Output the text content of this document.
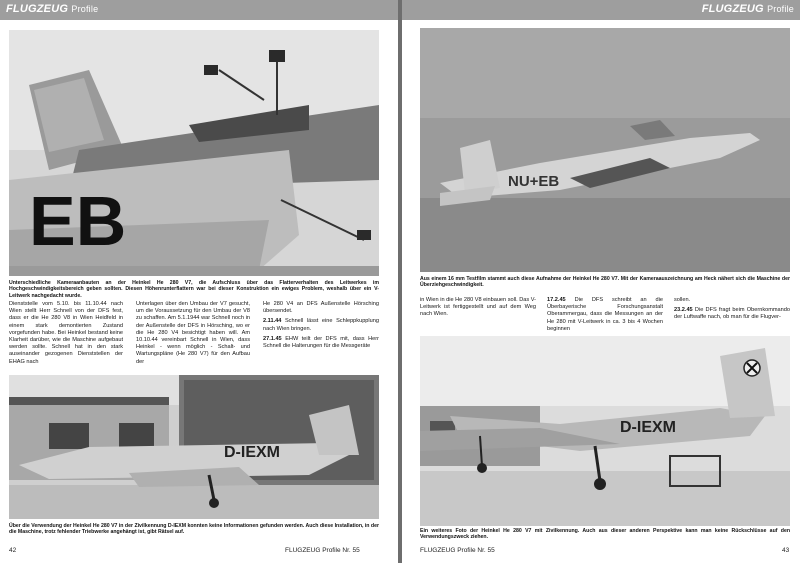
FLUGZEUG Profile
EB
Unterschiedliche Kameraanbauten an der Heinkel He 280 V7, die Aufschluss über das Flatterverhalten des Leitwerkes im Hochgeschwindigkeitsbereich geben sollten. Diesen Höhenrunterflattern war bei dieser Konstruktion ein ewiges Problem, weshalb über ein V-Leitwerk nachgedacht wurde.

Dienststelle vom 5.10. bis 11.10.44 nach Wien stellt Herr Schnell von der DFS fest, dass er die He 280 V8 in Wien Heidfeld in einem stark demontierten Zustand vorgefunden habe. Bei Heinkel bestand keine Klarheit darüber, wie die Maschine aufgebaut werden sollte. Schnell hat in den stark auseinander gezogenen Dienststellen der EHAG nach

Unterlagen über den Umbau der V7 gesucht, um die Voraussetzung für den Umbau der V8 zu schaffen. Am 5.1.1944 war Schnell noch in der Außenstelle der DFS in Hörsching, wo er die He 280 V4 besichtigt haben will. Am 10.10.44 vereinbart Schnell in Wien, dass Heinkel - wenn möglich - Schalt- und Wartungspläne (He 280 V7) für den Aufbau der

He 280 V4 an DFS Außenstelle Hörsching übersendet.

2.11.44 Schnell lässt eine Schleppkupplung nach Wien bringen.

27.1.45 EHW teilt der DFS mit, dass Herr Schnell die Halterungen für die Messgeräte

D-IEXM
Über die Verwendung der Heinkel He 280 V7 in der Zivilkennung D-IEXM konnten keine Informationen gefunden werden. Auch diese Installation, in der die Maschine, trotz fehlender Triebwerke angehängt ist, gibt Rätsel auf.
42	FLUGZEUG Profile Nr. 55
FLUGZEUG Profile
NU+EB
Aus einem 16 mm Testfilm stammt auch diese Aufnahme der Heinkel He 280 V7. Mit der Kameraauszeichnung am Heck nähert sich die Maschine der Überziehgeschwindigkeit.

in Wien in die He 280 V8 einbauen soll. Das V-Leitwerk ist fertiggestellt und auf dem Weg nach Wien.

17.2.45 Die DFS schreibt an die Überbayerische Forschungsanstalt Oberammergau, dass die Messungen an der He 280 mit V-Leitwerk in ca. 3 bis 4 Wochen beginnen

sollen.

23.2.45 Die DFS fragt beim Obernkommando der Luftwaffe nach, ob man für die Flugver-

D-IEXM
Ein weiteres Foto der Heinkel He 280 V7 mit Zivilkennung. Auch aus dieser anderen Perspektive kann man keine Rückschlüsse auf den Verwendungszweck ziehen.
FLUGZEUG Profile Nr. 55	43
